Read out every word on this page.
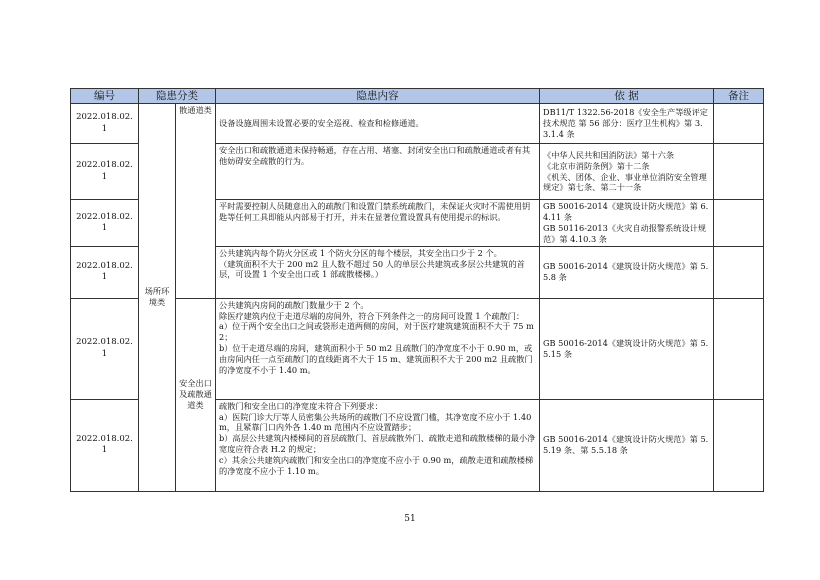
编号	隐患分类		隐患内容	依 据	备注
2022.018.02.1	场所环境类	散通道类	设备设施周围未设置必要的安全巡视、检查和检修通道。	DB11/T 1322.56-2018《安全生产等级评定技术规范 第 56 部分：医疗卫生机构》第 3.3.1.4 条	

2022.018.02.1			安全出口和疏散通道未保持畅通，存在占用、堵塞、封闭安全出口和疏散通道或者有其他妨碍安全疏散的行为。	《中华人民共和国消防法》第十六条
《北京市消防条例》第十二条
《机关、团体、企业、事业单位消防安全管理规定》第七条、第二十一条	

2022.018.02.1			平时需要控制人员随意出入的疏散门和设置门禁系统疏散门，未保证火灾时不需使用钥匙等任何工具即能从内部易于打开，并未在显著位置设置具有使用提示的标识。	GB 50016-2014《建筑设计防火规范》第 6.4.11 条
GB 50116-2013《火灾自动报警系统设计规范》第 4.10.3 条	

2022.018.02.1			公共建筑内每个防火分区或 1 个防火分区的每个楼层，其安全出口少于 2 个。
（建筑面积不大于 200 m2 且人数不超过 50 人的单层公共建筑或多层公共建筑的首层，可设置 1 个安全出口或 1 部疏散楼梯。）	GB 50016-2014《建筑设计防火规范》第 5.5.8 条	

2022.018.02.1		安全出口及疏散通道类	公共建筑内房间的疏散门数量少于 2 个。
除医疗建筑内位于走道尽端的房间外，符合下列条件之一的房间可设置 1 个疏散门：
a）位于两个安全出口之间或袋形走道两侧的房间，对于医疗建筑建筑面积不大于 75 m2；
b）位于走道尽端的房间，建筑面积小于 50 m2 且疏散门的净宽度不小于 0.90 m，或由房间内任一点至疏散门的直线距离不大于 15 m、建筑面积不大于 200 m2 且疏散门的净宽度不小于 1.40 m。	GB 50016-2014《建筑设计防火规范》第 5.5.15 条	

2022.018.02.1			疏散门和安全出口的净宽度未符合下列要求：
a）医院门诊大厅等人员密集公共场所的疏散门不应设置门槛，其净宽度不应小于 1.40 m，且紧靠门口内外各 1.40 m 范围内不应设置踏步；
b）高层公共建筑内楼梯间的首层疏散门、首层疏散外门、疏散走道和疏散楼梯的最小净宽度应符合表 H.2 的规定；
c）其余公共建筑内疏散门和安全出口的净宽度不应小于 0.90 m，疏散走道和疏散楼梯的净宽度不应小于 1.10 m。	GB 50016-2014《建筑设计防火规范》第 5.5.19 条、第 5.5.18 条	

51
